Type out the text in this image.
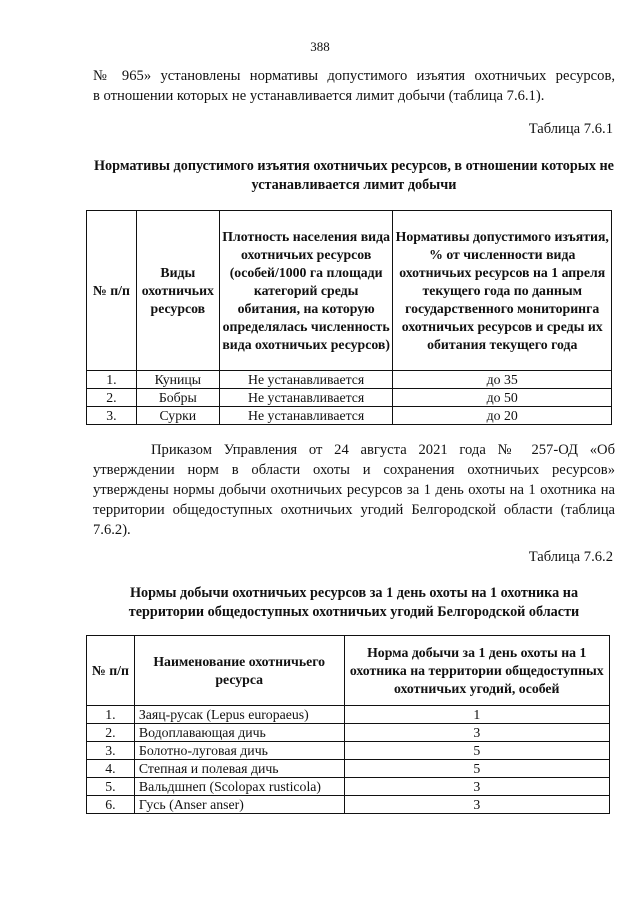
388

№ 965» установлены нормативы допустимого изъятия охотничьих ресурсов,
в отношении которых не устанавливается лимит добычи (таблица 7.6.1).

Таблица 7.6.1

Нормативы допустимого изъятия охотничьих ресурсов, в отношении которых не устанавливается лимит добычи

№ п/п	Виды охотничьих ресурсов	Плотность населения вида охотничьих ресурсов (особей/1000 га площади категорий среды обитания, на которую определялась численность вида охотничьих ресурсов)	Нормативы допустимого изъятия, % от численности вида охотничьих ресурсов на 1 апреля текущего года по данным государственного мониторинга охотничьих ресурсов и среды их обитания текущего года
1.	Куницы	Не устанавливается	до 35
2.	Бобры	Не устанавливается	до 50
3.	Сурки	Не устанавливается	до 20

Приказом Управления от 24 августа 2021 года № 257-ОД «Об утверждении норм в области охоты и сохранения охотничьих ресурсов» утверждены нормы добычи охотничьих ресурсов за 1 день охоты на 1 охотника на территории общедоступных охотничьих угодий Белгородской области (таблица 7.6.2).

Таблица 7.6.2

Нормы добычи охотничьих ресурсов за 1 день охоты на 1 охотника на территории общедоступных охотничьих угодий Белгородской области

№ п/п	Наименование охотничьего ресурса	Норма добычи за 1 день охоты на 1 охотника на территории общедоступных охотничьих угодий, особей
1.	Заяц-русак (Lepus europaeus)	1
2.	Водоплавающая дичь	3
3.	Болотно-луговая дичь	5
4.	Степная и полевая дичь	5
5.	Вальдшнеп (Scolopax rusticola)	3
6.	Гусь (Anser anser)	3
